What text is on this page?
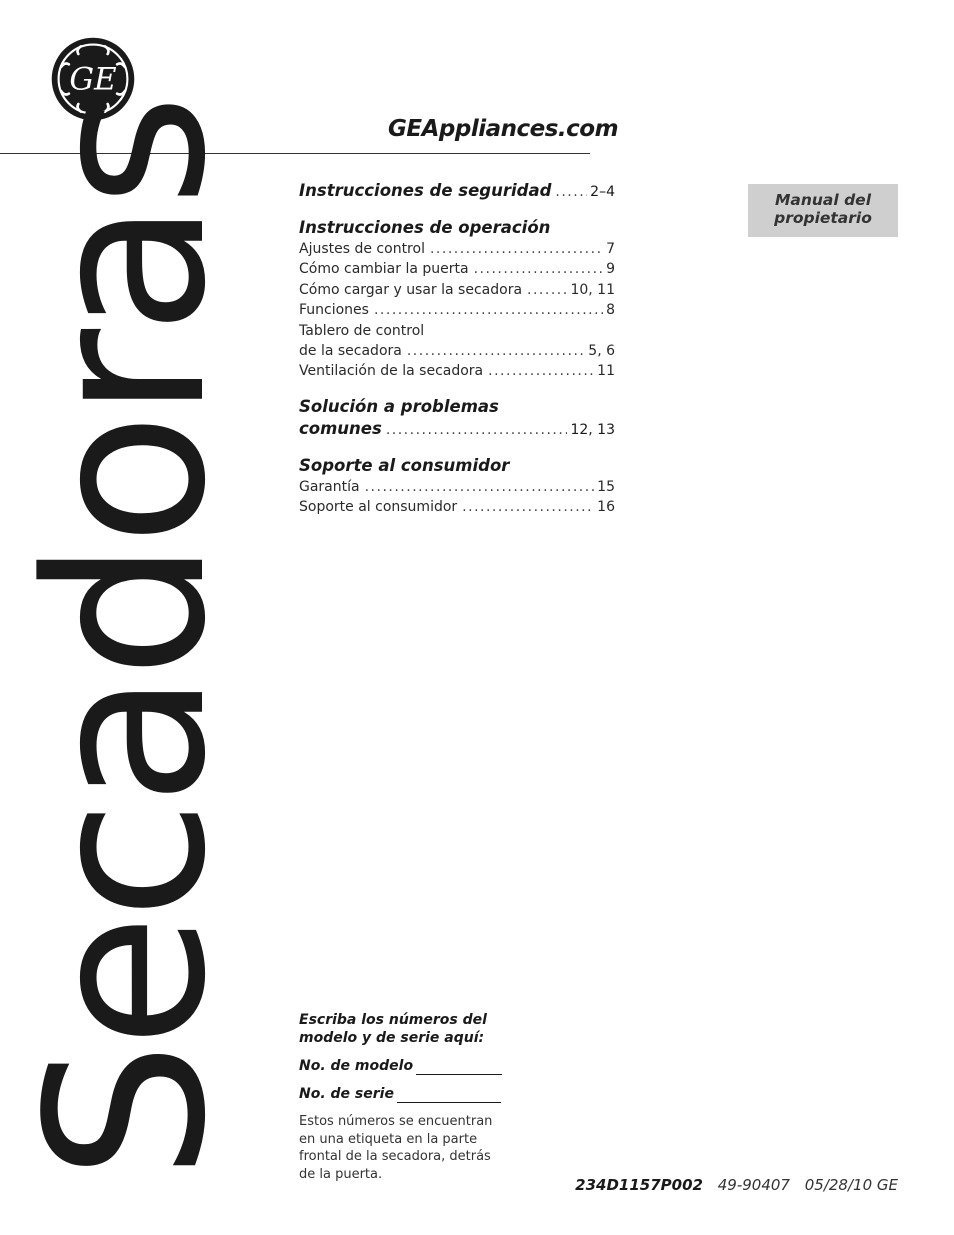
GE
GEAppliances.com
Secadoras	Manual del
propietario
Instrucciones de seguridad .....	2–4
Instrucciones de operación
Ajustes de control .....	7
Cómo cambiar la puerta .....	9
Cómo cargar y usar la secadora .....	10, 11
Funciones .....	8
Tablero de control
de la secadora .....	5, 6
Ventilación de la secadora .....	11
Solución a problemas
comunes .....	12, 13
Soporte al consumidor
Garantía .....	15
Soporte al consumidor .....	16
Escriba los números del modelo y de serie aquí:
No. de modelo
No. de serie
Estos números se encuentran en una etiqueta en la parte frontal de la secadora, detrás de la puerta.
234D1157P002 49-90407 05/28/10 GE
